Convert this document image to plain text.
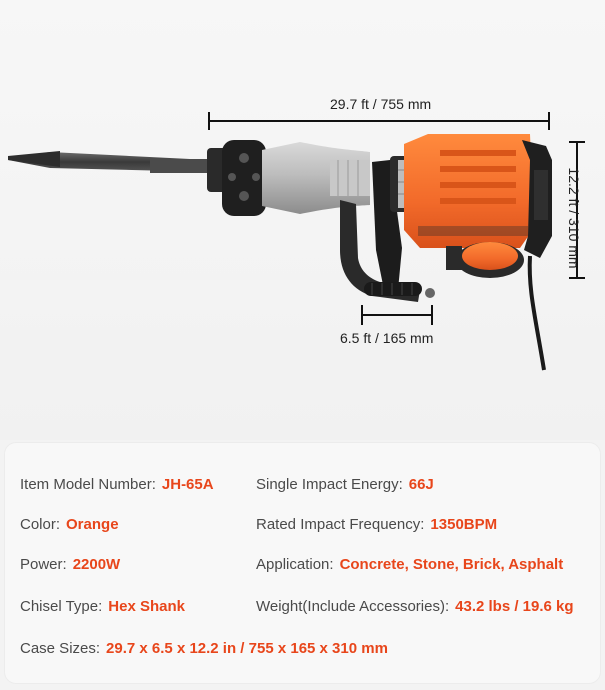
29.7 ft / 755 mm
6.5 ft / 165 mm
12.2 ft / 310 mm
Item Model Number: JH-65A	Single Impact Energy: 66J
Color: Orange	Rated Impact Frequency: 1350BPM
Power: 2200W	Application: Concrete, Stone, Brick, Asphalt
Chisel Type: Hex Shank	Weight(Include Accessories): 43.2 lbs / 19.6 kg
Case Sizes: 29.7 x 6.5 x 12.2 in / 755 x 165 x 310 mm
